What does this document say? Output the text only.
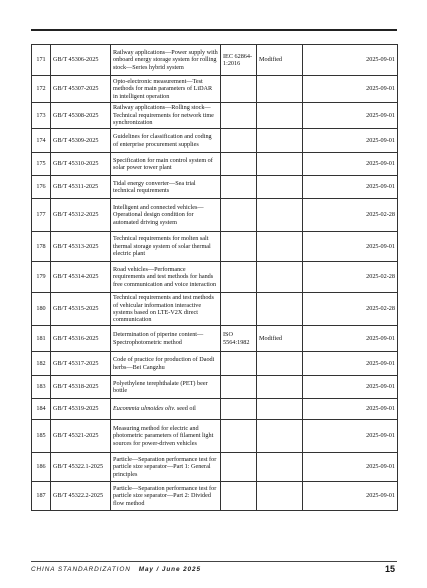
171	GB/T 45306-2025	Railway applications—Power supply with onboard energy storage system for rolling stock—Series hybrid system	IEC 62864-1:2016	Modified	2025-09-01
172	GB/T 45307-2025	Opto-electronic measurement—Test methods for main parameters of LiDAR in intelligent operation			2025-09-01
173	GB/T 45308-2025	Railway applications—Rolling stock—Technical requirements for network time synchronization			2025-09-01
174	GB/T 45309-2025	Guidelines for classification and coding of enterprise procurement supplies			2025-09-01
175	GB/T 45310-2025	Specification for main control system of solar power tower plant			2025-09-01
176	GB/T 45311-2025	Tidal energy converter—Sea trial technical requirements			2025-09-01
177	GB/T 45312-2025	Intelligent and connected vehicles—Operational design condition for automated driving system			2025-02-28
178	GB/T 45313-2025	Technical requirements for molten salt thermal storage system of solar thermal electric plant			2025-09-01
179	GB/T 45314-2025	Road vehicles—Performance requirements and test methods for hands free communication and voice interaction			2025-02-28
180	GB/T 45315-2025	Technical requirements and test methods of vehicular information interactive systems based on LTE-V2X direct communication			2025-02-28
181	GB/T 45316-2025	Determination of piperine content—Spectrophotometric method	ISO 5564:1982	Modified	2025-09-01
182	GB/T 45317-2025	Code of practice for production of Daodi herbs—Bei Cangzhu			2025-09-01
183	GB/T 45318-2025	Polyethylene terephthalate (PET) beer bottle			2025-09-01
184	GB/T 45319-2025	Eucommia ulmoides oliv. seed oil			2025-09-01
185	GB/T 45321-2025	Measuring method for electric and photometric parameters of filament light sources for power-driven vehicles			2025-09-01
186	GB/T 45322.1-2025	Particle—Separation performance test for particle size separator—Part 1: General principles			2025-09-01
187	GB/T 45322.2-2025	Particle—Separation performance test for particle size separator—Part 2: Divided flow method			2025-09-01
CHINA STANDARDIZATION May / June 2025	15
